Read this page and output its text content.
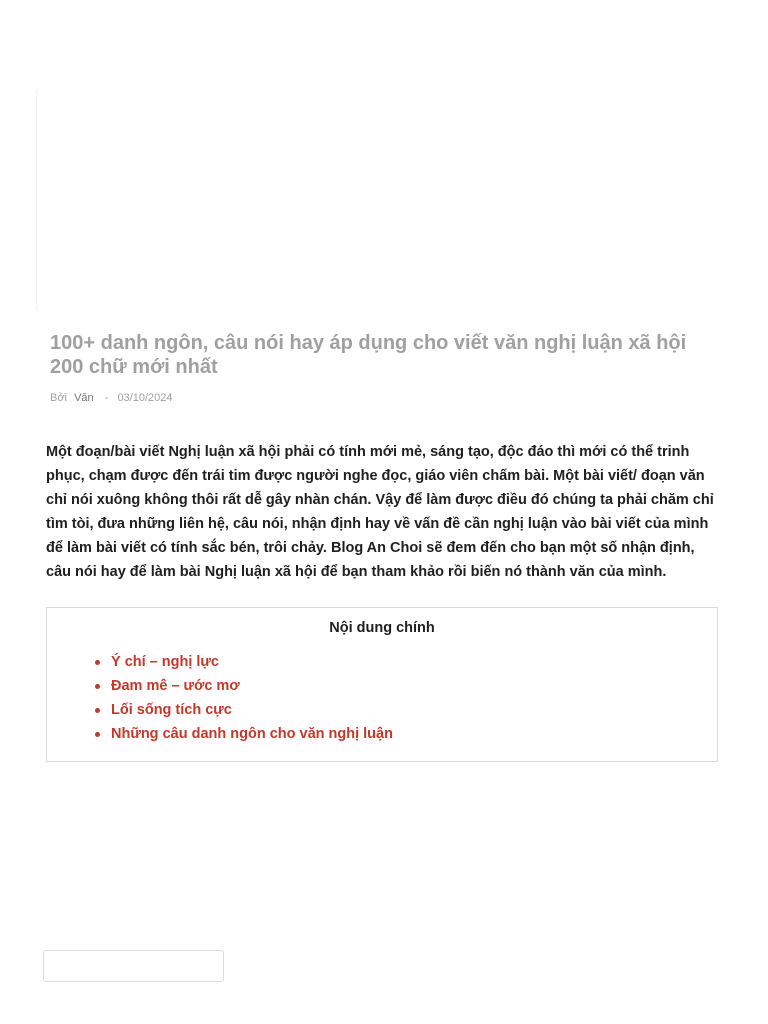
100+ danh ngôn, câu nói hay áp dụng cho viết văn nghị luận xã hội 200 chữ mới nhất
Bởi Văn - 03/10/2024

Một đoạn/bài viết Nghị luận xã hội phải có tính mới mẻ, sáng tạo, độc đáo thì mới có thể trinh phục, chạm được đến trái tim được người nghe đọc, giáo viên chấm bài. Một bài viết/ đoạn văn chỉ nói xuông không thôi rất dễ gây nhàn chán. Vậy để làm được điều đó chúng ta phải chăm chỉ tìm tòi, đưa những liên hệ, câu nói, nhận định hay về vấn đề cần nghị luận vào bài viết của mình để làm bài viết có tính sắc bén, trôi chảy. Blog An Choi sẽ đem đến cho bạn một số nhận định, câu nói hay để làm bài Nghị luận xã hội để bạn tham khảo rồi biến nó thành văn của mình.

Nội dung chính
Ý chí – nghị lực
Đam mê – ước mơ
Lối sống tích cực
Những câu danh ngôn cho văn nghị luận
